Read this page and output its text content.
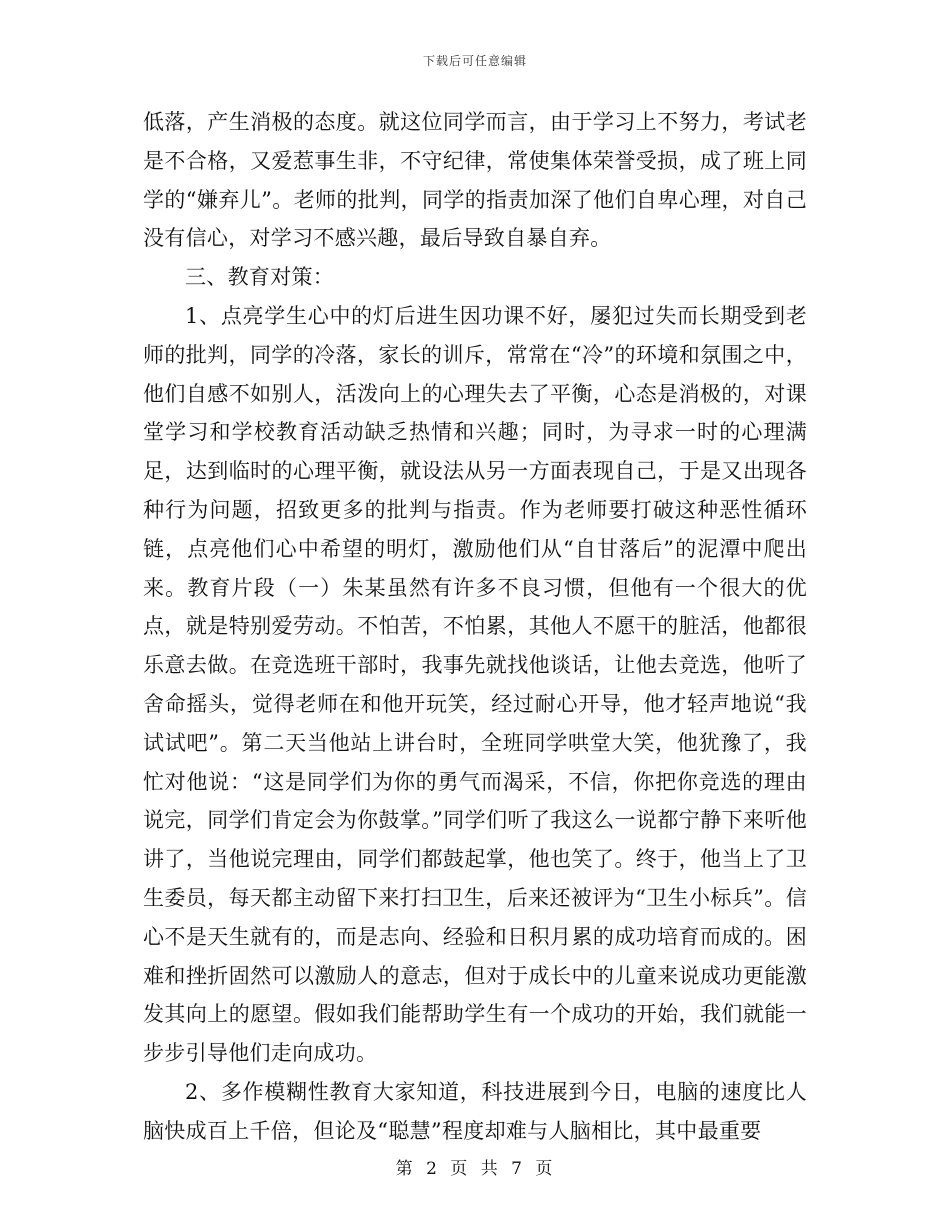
下载后可任意编辑

低落，产生消极的态度。就这位同学而言，由于学习上不努力，考试老是不合格，又爱惹事生非，不守纪律，常使集体荣誉受损，成了班上同学的“嫌弃儿”。老师的批判，同学的指责加深了他们自卑心理，对自己没有信心，对学习不感兴趣，最后导致自暴自弃。

三、教育对策：

1、点亮学生心中的灯后进生因功课不好，屡犯过失而长期受到老师的批判，同学的冷落，家长的训斥，常常在“冷”的环境和氛围之中，他们自感不如别人，活泼向上的心理失去了平衡，心态是消极的，对课堂学习和学校教育活动缺乏热情和兴趣；同时，为寻求一时的心理满足，达到临时的心理平衡，就设法从另一方面表现自己，于是又出现各种行为问题，招致更多的批判与指责。作为老师要打破这种恶性循环链，点亮他们心中希望的明灯，激励他们从“自甘落后”的泥潭中爬出来。教育片段（一）朱某虽然有许多不良习惯，但他有一个很大的优点，就是特别爱劳动。不怕苦，不怕累，其他人不愿干的脏活，他都很乐意去做。在竞选班干部时，我事先就找他谈话，让他去竞选，他听了舍命摇头，觉得老师在和他开玩笑，经过耐心开导，他才轻声地说“我试试吧”。第二天当他站上讲台时，全班同学哄堂大笑，他犹豫了，我忙对他说：“这是同学们为你的勇气而渴采，不信，你把你竞选的理由说完，同学们肯定会为你鼓掌。”同学们听了我这么一说都宁静下来听他讲了，当他说完理由，同学们都鼓起掌，他也笑了。终于，他当上了卫生委员，每天都主动留下来打扫卫生，后来还被评为“卫生小标兵”。信心不是天生就有的，而是志向、经验和日积月累的成功培育而成的。困难和挫折固然可以激励人的意志，但对于成长中的儿童来说成功更能激发其向上的愿望。假如我们能帮助学生有一个成功的开始，我们就能一步步引导他们走向成功。

2、多作模糊性教育大家知道，科技进展到今日，电脑的速度比人脑快成百上千倍，但论及“聪慧”程度却难与人脑相比，其中最重要

第 2 页 共 7 页
